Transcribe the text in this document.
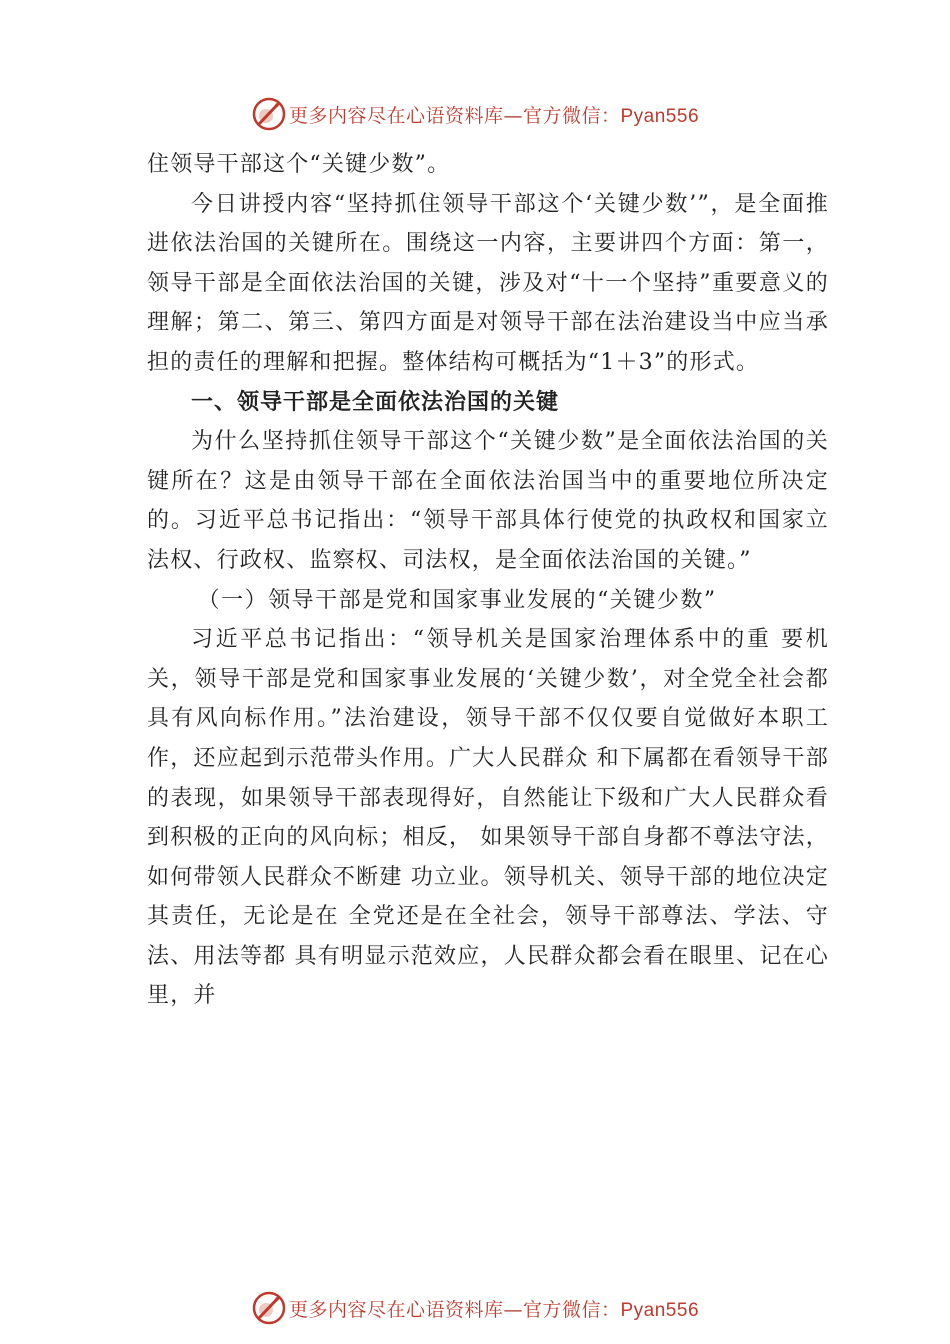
更多内容尽在心语资料库—官方微信：Pyan556

住领导干部这个“关键少数”。

今日讲授内容“坚持抓住领导干部这个‘关键少数’”，是全面推进依法治国的关键所在。围绕这一内容，主要讲四个方面：第一，领导干部是全面依法治国的关键，涉及对“十一个坚持”重要意义的理解；第二、第三、第四方面是对领导干部在法治建设当中应当承担的责任的理解和把握。整体结构可概括为“1＋3”的形式。

一、领导干部是全面依法治国的关键

为什么坚持抓住领导干部这个“关键少数”是全面依法治国的关键所在？这是由领导干部在全面依法治国当中的重要地位所决定的。习近平总书记指出：“领导干部具体行使党的执政权和国家立法权、行政权、监察权、司法权，是全面依法治国的关键。”

（一）领导干部是党和国家事业发展的“关键少数”

习近平总书记指出：“领导机关是国家治理体系中的重 要机关，领导干部是党和国家事业发展的‘关键少数’，对全党全社会都具有风向标作用。”法治建设，领导干部不仅仅要自觉做好本职工作，还应起到示范带头作用。广大人民群众 和下属都在看领导干部的表现，如果领导干部表现得好，自然能让下级和广大人民群众看到积极的正向的风向标；相反， 如果领导干部自身都不尊法守法，如何带领人民群众不断建 功立业。领导机关、领导干部的地位决定其责任，无论是在 全党还是在全社会，领导干部尊法、学法、守法、用法等都 具有明显示范效应，人民群众都会看在眼里、记在心里，并

更多内容尽在心语资料库—官方微信：Pyan556
